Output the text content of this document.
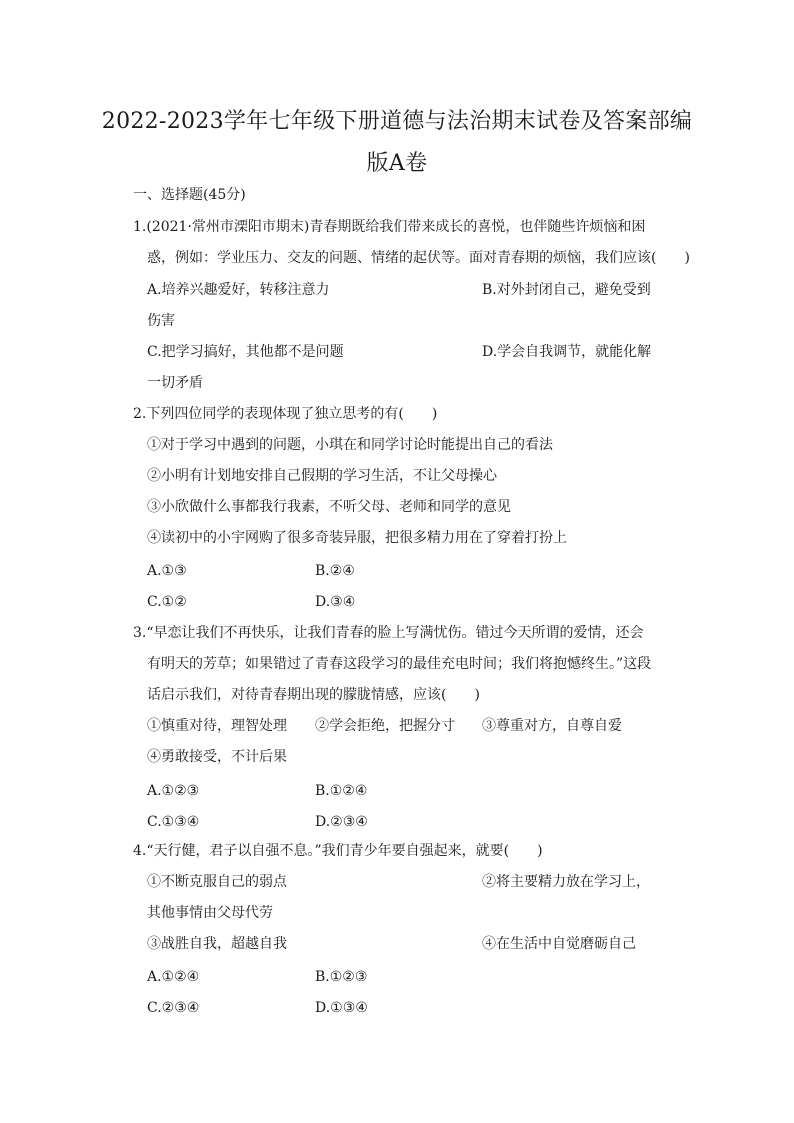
2022-2023学年七年级下册道德与法治期末试卷及答案部编
版A卷
一、选择题(45分)
1.(2021·常州市溧阳市期末)青春期既给我们带来成长的喜悦，也伴随些许烦恼和困
惑，例如：学业压力、交友的问题、情绪的起伏等。面对青春期的烦恼，我们应该(　　)
A.培养兴趣爱好，转移注意力	B.对外封闭自己，避免受到
伤害
C.把学习搞好，其他都不是问题	D.学会自我调节，就能化解
一切矛盾
2.下列四位同学的表现体现了独立思考的有(　　)
①对于学习中遇到的问题，小琪在和同学讨论时能提出自己的看法
②小明有计划地安排自己假期的学习生活，不让父母操心
③小欣做什么事都我行我素，不听父母、老师和同学的意见
④读初中的小宇网购了很多奇装异服，把很多精力用在了穿着打扮上
A.①③	B.②④
C.①②	D.③④
3.“早恋让我们不再快乐，让我们青春的脸上写满忧伤。错过今天所谓的爱情，还会
有明天的芳草；如果错过了青春这段学习的最佳充电时间；我们将抱憾终生。”这段
话启示我们，对待青春期出现的朦胧情感，应该(　　)
①慎重对待，理智处理 ②学会拒绝，把握分寸 ③尊重对方，自尊自爱
④勇敢接受，不计后果
A.①②③	B.①②④
C.①③④	D.②③④
4.“天行健，君子以自强不息。”我们青少年要自强起来，就要(　　)
①不断克服自己的弱点	②将主要精力放在学习上，
其他事情由父母代劳
③战胜自我，超越自我	④在生活中自觉磨砺自己
A.①②④	B.①②③
C.②③④	D.①③④
